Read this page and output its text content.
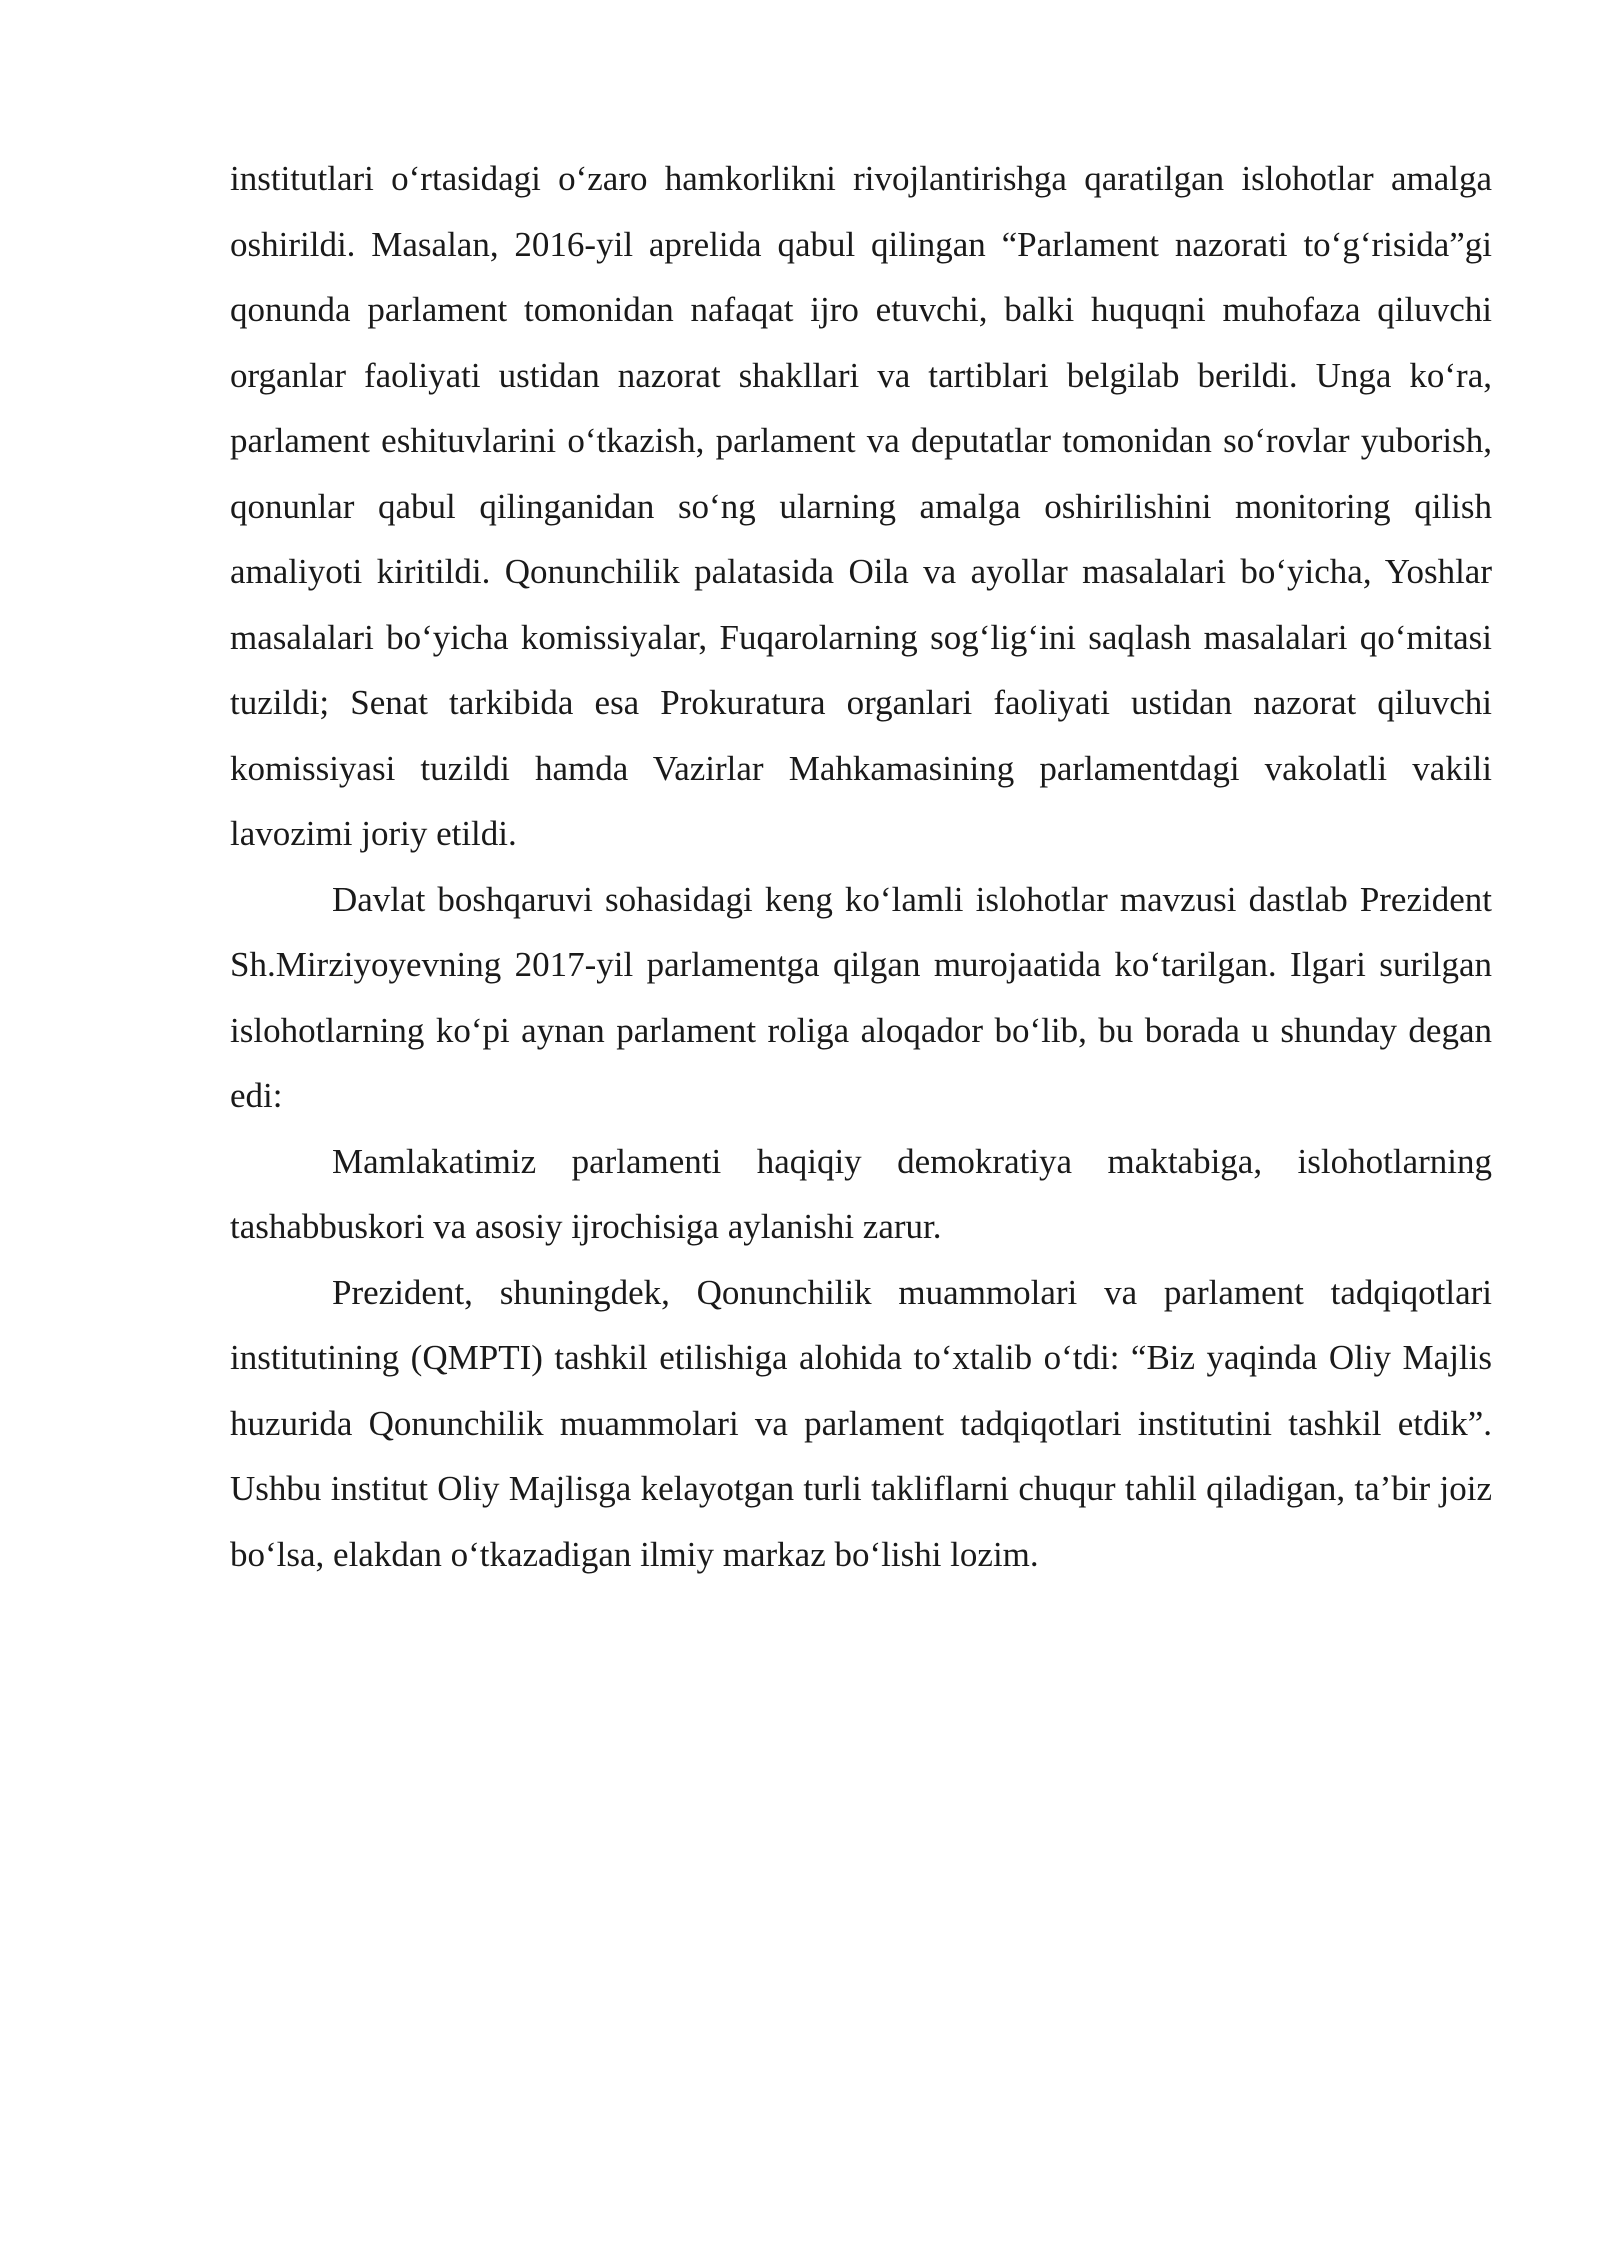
institutlari o‘rtasidagi o‘zaro hamkorlikni rivojlantirishga qaratilgan islohotlar amalga oshirildi. Masalan, 2016-yil aprelida qabul qilingan “Parlament nazorati to‘g‘risida”gi qonunda parlament tomonidan nafaqat ijro etuvchi, balki huquqni muhofaza qiluvchi organlar faoliyati ustidan nazorat shakllari va tartiblari belgilab berildi. Unga ko‘ra, parlament eshituvlarini o‘tkazish, parlament va deputatlar tomonidan so‘rovlar yuborish, qonunlar qabul qilinganidan so‘ng ularning amalga oshirilishini monitoring qilish amaliyoti kiritildi. Qonunchilik palatasida Oila va ayollar masalalari bo‘yicha, Yoshlar masalalari bo‘yicha komissiyalar, Fuqarolarning sog‘lig‘ini saqlash masalalari qo‘mitasi tuzildi; Senat tarkibida esa Prokuratura organlari faoliyati ustidan nazorat qiluvchi komissiyasi tuzildi hamda Vazirlar Mahkamasining parlamentdagi vakolatli vakili lavozimi joriy etildi.

Davlat boshqaruvi sohasidagi keng ko‘lamli islohotlar mavzusi dastlab Prezident Sh.Mirziyoyevning 2017-yil parlamentga qilgan murojaatida ko‘tarilgan. Ilgari surilgan islohotlarning ko‘pi aynan parlament roliga aloqador bo‘lib, bu borada u shunday degan edi:

Mamlakatimiz parlamenti haqiqiy demokratiya maktabiga, islohotlarning tashabbuskori va asosiy ijrochisiga aylanishi zarur.

Prezident, shuningdek, Qonunchilik muammolari va parlament tadqiqotlari institutining (QMPTI) tashkil etilishiga alohida to‘xtalib o‘tdi: “Biz yaqinda Oliy Majlis huzurida Qonunchilik muammolari va parlament tadqiqotlari institutini tashkil etdik”. Ushbu institut Oliy Majlisga kelayotgan turli takliflarni chuqur tahlil qiladigan, ta’bir joiz bo‘lsa, elakdan o‘tkazadigan ilmiy markaz bo‘lishi lozim.
